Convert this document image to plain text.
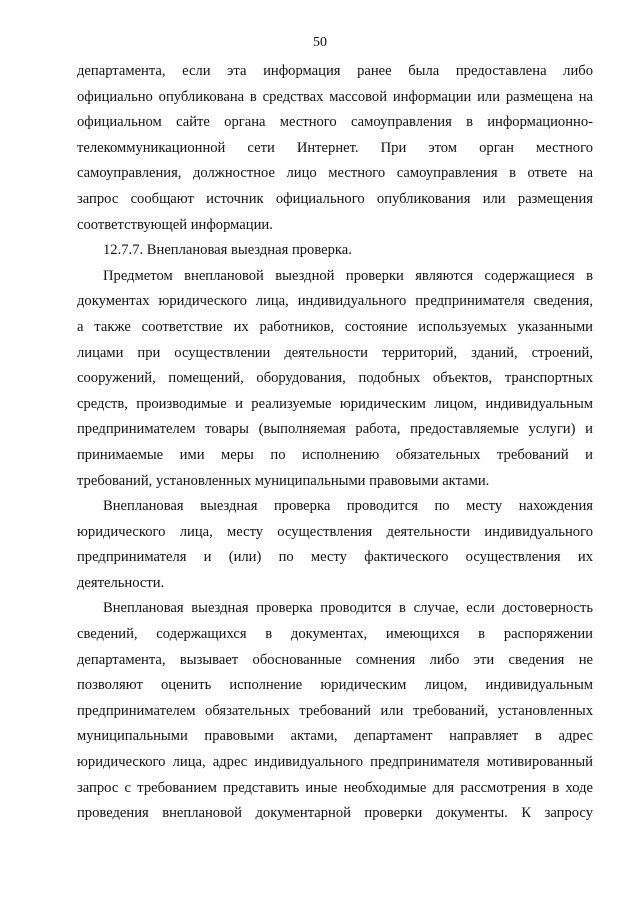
50
департамента, если эта информация ранее была предоставлена либо
официально опубликована в средствах массовой информации или размещена на
официальном сайте органа местного самоуправления в информационно-
телекоммуникационной сети Интернет. При этом орган местного
самоуправления, должностное лицо местного самоуправления в ответе на
запрос сообщают источник официального опубликования или размещения
соответствующей информации.
12.7.7. Внеплановая выездная проверка.
Предметом внеплановой выездной проверки являются содержащиеся в
документах юридического лица, индивидуального предпринимателя сведения,
а также соответствие их работников, состояние используемых указанными
лицами при осуществлении деятельности территорий, зданий, строений,
сооружений, помещений, оборудования, подобных объектов, транспортных
средств, производимые и реализуемые юридическим лицом, индивидуальным
предпринимателем товары (выполняемая работа, предоставляемые услуги) и
принимаемые ими меры по исполнению обязательных требований и
требований, установленных муниципальными правовыми актами.
Внеплановая выездная проверка проводится по месту нахождения
юридического лица, месту осуществления деятельности индивидуального
предпринимателя и (или) по месту фактического осуществления их
деятельности.
Внеплановая выездная проверка проводится в случае, если достоверность
сведений, содержащихся в документах, имеющихся в распоряжении
департамента, вызывает обоснованные сомнения либо эти сведения не
позволяют оценить исполнение юридическим лицом, индивидуальным
предпринимателем обязательных требований или требований, установленных
муниципальными правовыми актами, департамент направляет в адрес
юридического лица, адрес индивидуального предпринимателя мотивированный
запрос с требованием представить иные необходимые для рассмотрения в ходе
проведения внеплановой документарной проверки документы. К запросу
